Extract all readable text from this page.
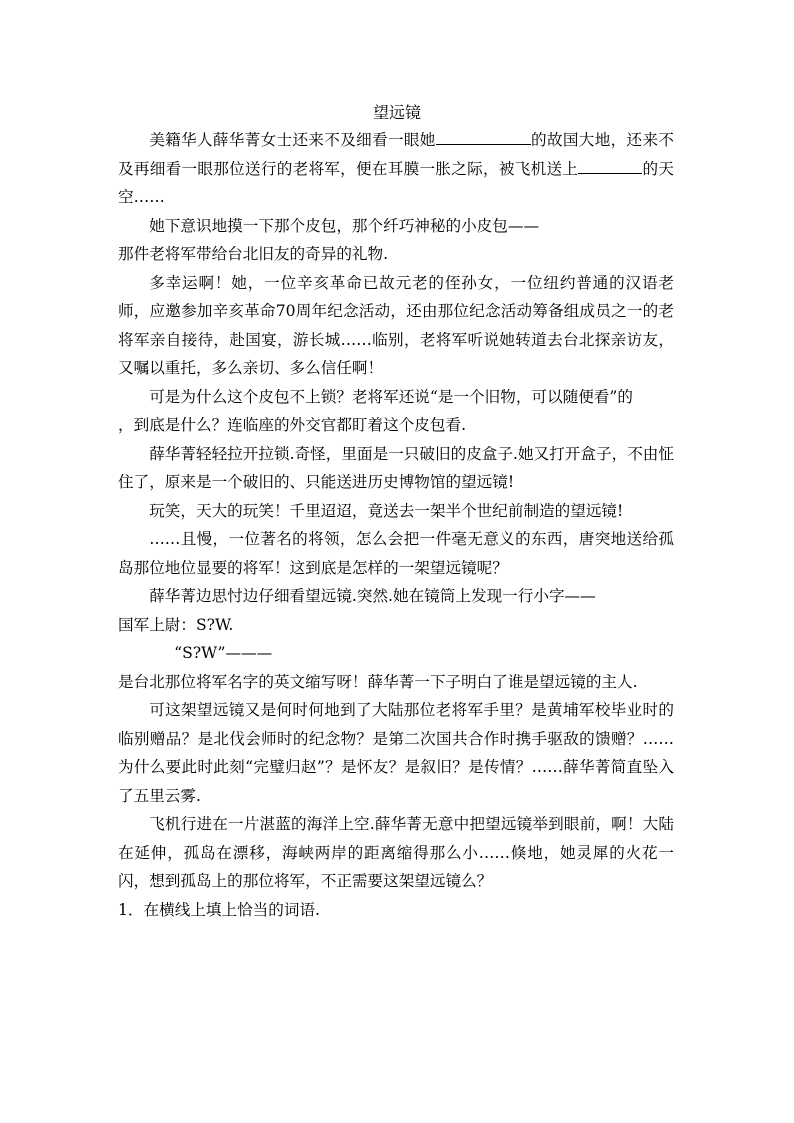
望远镜

美籍华人薛华菁女士还来不及细看一眼她	的故国大地，还来不及再细看一眼那位送行的老将军，便在耳膜一胀之际，被飞机送上	的天空……

她下意识地摸一下那个皮包，那个纤巧神秘的小皮包——

那件老将军带给台北旧友的奇异的礼物.

多幸运啊！她，一位辛亥革命已故元老的侄孙女，一位纽约普通的汉语老师，应邀参加辛亥革命70周年纪念活动，还由那位纪念活动筹备组成员之一的老将军亲自接待，赴国宴，游长城……临别，老将军听说她转道去台北探亲访友，又嘱以重托，多么亲切、多么信任啊！

可是为什么这个皮包不上锁？老将军还说“是一个旧物，可以随便看”的

，到底是什么？连临座的外交官都盯着这个皮包看.

薛华菁轻轻拉开拉锁.奇怪，里面是一只破旧的皮盒子.她又打开盒子，不由怔住了，原来是一个破旧的、只能送进历史博物馆的望远镜!

玩笑，天大的玩笑！千里迢迢，竟送去一架半个世纪前制造的望远镜!

……且慢，一位著名的将领，怎么会把一件毫无意义的东西，唐突地送给孤岛那位地位显要的将军！这到底是怎样的一架望远镜呢？

薛华菁边思忖边仔细看望远镜.突然.她在镜筒上发现一行小字——

国军上尉：S?W.

“S?W”———

是台北那位将军名字的英文缩写呀！薛华菁一下子明白了谁是望远镜的主人.

可这架望远镜又是何时何地到了大陆那位老将军手里？是黄埔军校毕业时的临别赠品？是北伐会师时的纪念物？是第二次国共合作时携手驱敌的馈赠？……为什么要此时此刻“完璧归赵”？是怀友？是叙旧？是传情？……薛华菁简直坠入了五里云雾.

飞机行进在一片湛蓝的海洋上空.薛华菁无意中把望远镜举到眼前，啊！大陆在延伸，孤岛在漂移，海峡两岸的距离缩得那么小……倏地，她灵犀的火花一闪，想到孤岛上的那位将军，不正需要这架望远镜么？

1．在横线上填上恰当的词语.
